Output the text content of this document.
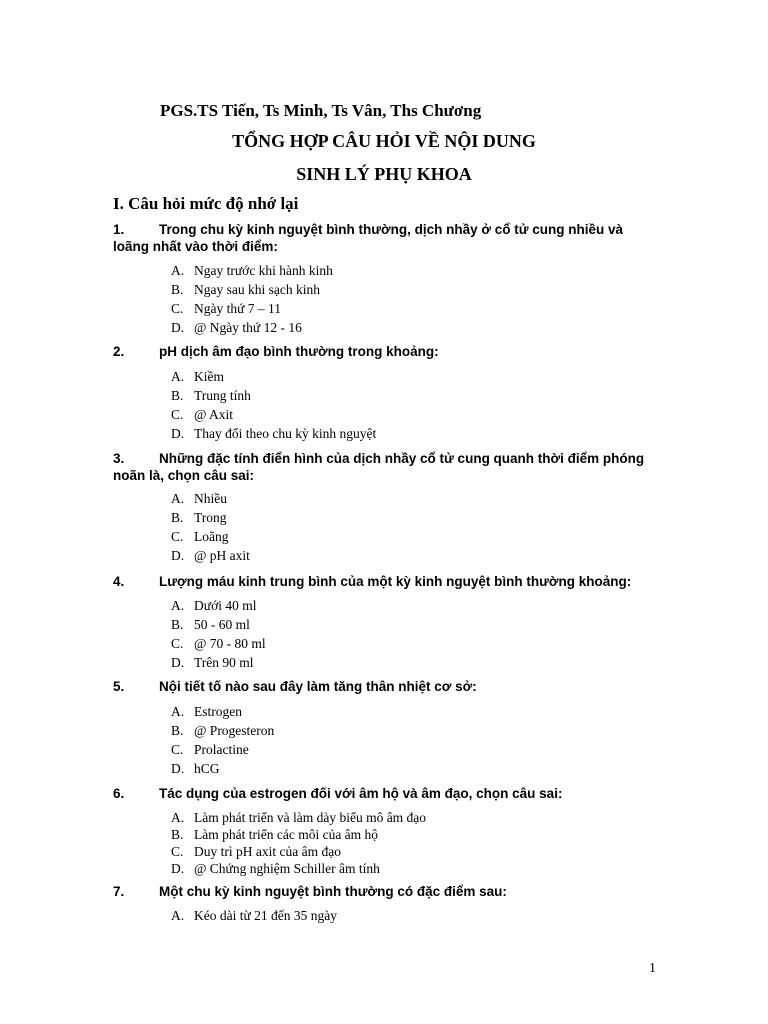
PGS.TS Tiến, Ts Minh, Ts Vân, Ths Chương
TỔNG HỢP CÂU HỎI VỀ NỘI DUNG
SINH LÝ PHỤ KHOA
I. Câu hỏi mức độ nhớ lại
1.	Trong chu kỳ kinh nguyệt bình thường, dịch nhầy ở cổ tử cung nhiều và loãng nhất vào thời điểm:
A. Ngay trước khi hành kinh
B. Ngay sau khi sạch kinh
C. Ngày thứ 7 – 11
D. @ Ngày thứ 12 - 16
2.	pH dịch âm đạo bình thường trong khoảng:
A. Kiềm
B. Trung tính
C. @ Axit
D. Thay đổi theo chu kỳ kinh nguyệt
3.	Những đặc tính điển hình của dịch nhầy cổ tử cung quanh thời điểm phóng noãn là, chọn câu sai:
A. Nhiều
B. Trong
C. Loãng
D. @ pH axit
4.	Lượng máu kinh trung bình của một kỳ kinh nguyệt bình thường khoảng:
A. Dưới 40 ml
B. 50 - 60 ml
C. @ 70 - 80 ml
D. Trên 90 ml
5.	Nội tiết tố nào sau đây làm tăng thân nhiệt cơ sở:
A. Estrogen
B. @ Progesteron
C. Prolactine
D. hCG
6.	Tác dụng của estrogen đối với âm hộ và âm đạo, chọn câu sai:
A. Làm phát triển và làm dày biểu mô âm đạo
B. Làm phát triển các môi của âm hộ
C. Duy trì pH axit của âm đạo
D. @ Chứng nghiệm Schiller âm tính
7.	Một chu kỳ kinh nguyệt bình thường có đặc điểm sau:
A. Kéo dài từ 21 đến 35 ngày
1
